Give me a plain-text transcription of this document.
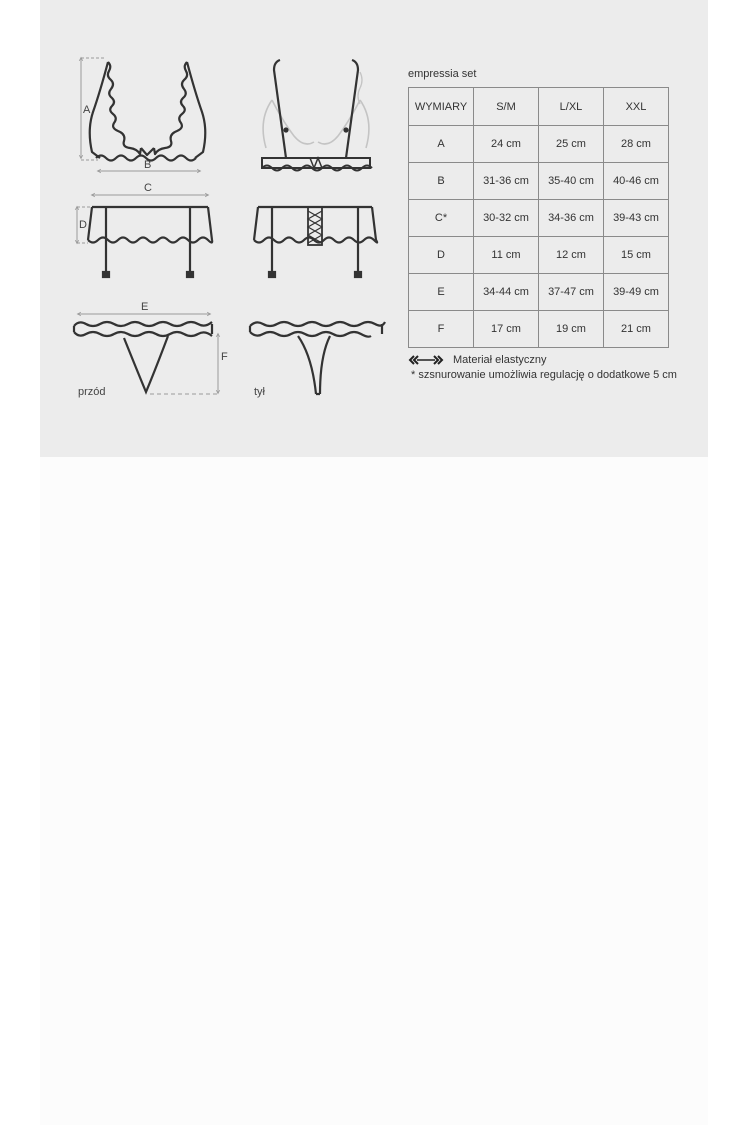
A
B
C
D
E
F
przód	tył
empressia set
WYMIARY	S/M	L/XL	XXL
A	24 cm	25 cm	28 cm
B	31-36 cm	35-40 cm	40-46 cm
C*	30-32 cm	34-36 cm	39-43 cm
D	11 cm	12 cm	15 cm
E	34-44 cm	37-47 cm	39-49 cm
F	17 cm	19 cm	21 cm
Materiał elastyczny
* szsnurowanie umożliwia regulację o dodatkowe 5 cm
